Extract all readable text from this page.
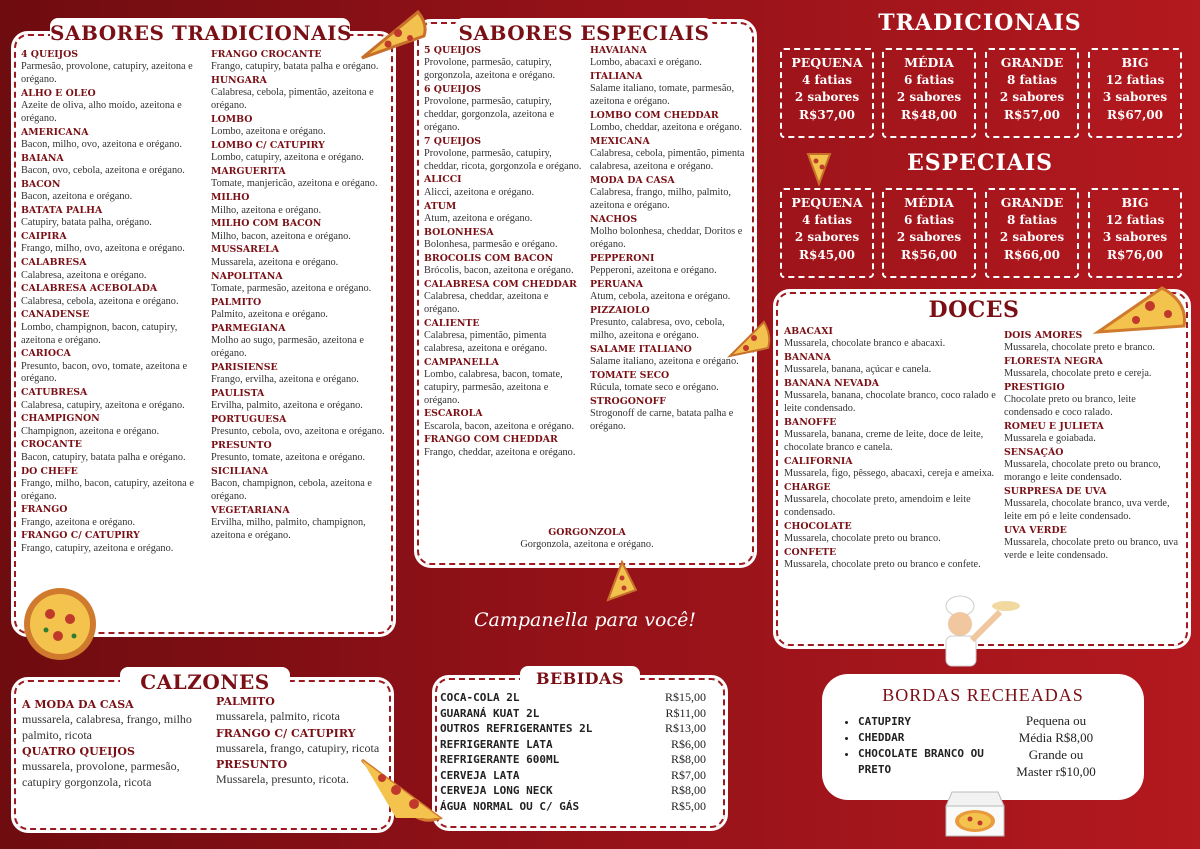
SABORES TRADICIONAIS
4 QUEIJOS
Parmesão, provolone, catupiry, azeitona e orégano.
ALHO E ÓLEO
Azeite de oliva, alho moído, azeitona e orégano.
AMERICANA
Bacon, milho, ovo, azeitona e orégano.
BAIANA
Bacon, ovo, cebola, azeitona e orégano.
BACON
Bacon, azeitona e orégano.
BATATA PALHA
Catupiry, batata palha, orégano.
CAIPIRA
Frango, milho, ovo, azeitona e orégano.
CALABRESA
Calabresa, azeitona e orégano.
CALABRESA ACEBOLADA
Calabresa, cebola, azeitona e orégano.
CANADENSE
Lombo, champignon, bacon, catupiry, azeitona e orégano.
CARIOCA
Presunto, bacon, ovo, tomate, azeitona e orégano.
CATUBRESA
Calabresa, catupiry, azeitona e orégano.
CHAMPIGNON
Champignon, azeitona e orégano.
CROCANTE
Bacon, catupiry, batata palha e orégano.
DO CHEFE
Frango, milho, bacon, catupiry, azeitona e orégano.
FRANGO
Frango, azeitona e orégano.
FRANGO C/ CATUPIRY
Frango, catupiry, azeitona e orégano.
FRANGO CROCANTE
Frango, catupiry, batata palha e orégano.
HÚNGARA
Calabresa, cebola, pimentão, azeitona e orégano.
LOMBO
Lombo, azeitona e orégano.
LOMBO C/ CATUPIRY
Lombo, catupiry, azeitona e orégano.
MARGUERITA
Tomate, manjericão, azeitona e orégano.
MILHO
Milho, azeitona e orégano.
MILHO COM BACON
Milho, bacon, azeitona e orégano.
MUSSARELA
Mussarela, azeitona e orégano.
NAPOLITANA
Tomate, parmesão, azeitona e orégano.
PALMITO
Palmito, azeitona e orégano.
PARMEGIANA
Molho ao sugo, parmesão, azeitona e orégano.
PARISIENSE
Frango, ervilha, azeitona e orégano.
PAULISTA
Ervilha, palmito, azeitona e orégano.
PORTUGUESA
Presunto, cebola, ovo, azeitona e orégano.
PRESUNTO
Presunto, tomate, azeitona e orégano.
SICILIANA
Bacon, champignon, cebola, azeitona e orégano.
VEGETARIANA
Ervilha, milho, palmito, champignon, azeitona e orégano.
SABORES ESPECIAIS
5 QUEIJOS
Provolone, parmesão, catupiry, gorgonzola, azeitona e orégano.
6 QUEIJOS
Provolone, parmesão, catupiry, cheddar, gorgonzola, azeitona e orégano.
7 QUEIJOS
Provolone, parmesão, catupiry, cheddar, ricota, gorgonzola e orégano.
ALICCI
Alicci, azeitona e orégano.
ATUM
Atum, azeitona e orégano.
BOLONHESA
Bolonhesa, parmesão e orégano.
BRÓCOLIS COM BACON
Brócolis, bacon, azeitona e orégano.
CALABRESA COM CHEDDAR
Calabresa, cheddar, azeitona e orégano.
CALIENTE
Calabresa, pimentão, pimenta calabresa, azeitona e orégano.
CAMPANELLA
Lombo, calabresa, bacon, tomate, catupiry, parmesão, azeitona e orégano.
ESCAROLA
Escarola, bacon, azeitona e orégano.
FRANGO COM CHEDDAR
Frango, cheddar, azeitona e orégano.
HAVAIANA
Lombo, abacaxi e orégano.
ITALIANA
Salame italiano, tomate, parmesão, azeitona e orégano.
LOMBO COM CHEDDAR
Lombo, cheddar, azeitona e orégano.
MEXICANA
Calabresa, cebola, pimentão, pimenta calabresa, azeitona e orégano.
MODA DA CASA
Calabresa, frango, milho, palmito, azeitona e orégano.
NACHOS
Molho bolonhesa, cheddar, Doritos e orégano.
PEPPERONI
Pepperoni, azeitona e orégano.
PERUANA
Atum, cebola, azeitona e orégano.
PIZZAIOLO
Presunto, calabresa, ovo, cebola, milho, azeitona e orégano.
SALAME ITALIANO
Salame italiano, azeitona e orégano.
TOMATE SECO
Rúcula, tomate seco e orégano.
STROGONOFF
Strogonoff de carne, batata palha e orégano.
GORGONZOLA
Gorgonzola, azeitona e orégano.
TRADICIONAIS
PEQUENA
4 fatias
2 sabores
R$37,00
MÉDIA
6 fatias
2 sabores
R$48,00
GRANDE
8 fatias
2 sabores
R$57,00
BIG
12 fatias
3 sabores
R$67,00
ESPECIAIS
PEQUENA
4 fatias
2 sabores
R$45,00
MÉDIA
6 fatias
2 sabores
R$56,00
GRANDE
8 fatias
2 sabores
R$66,00
BIG
12 fatias
3 sabores
R$76,00
DOCES
ABACAXI
Mussarela, chocolate branco e abacaxi.
BANANA
Mussarela, banana, açúcar e canela.
BANANA NEVADA
Mussarela, banana, chocolate branco, coco ralado e leite condensado.
BANOFFE
Mussarela, banana, creme de leite, doce de leite, chocolate branco e canela.
CALIFORNIA
Mussarela, figo, pêssego, abacaxi, cereja e ameixa.
CHARGE
Mussarela, chocolate preto, amendoim e leite condensado.
CHOCOLATE
Mussarela, chocolate preto ou branco.
CONFETE
Mussarela, chocolate preto ou branco e confete.
DOIS AMORES
Mussarela, chocolate preto e branco.
FLORESTA NEGRA
Mussarela, chocolate preto e cereja.
PRESTÍGIO
Chocolate preto ou branco, leite condensado e coco ralado.
ROMEU E JULIETA
Mussarela e goiabada.
SENSAÇÃO
Mussarela, chocolate preto ou branco, morango e leite condensado.
SURPRESA DE UVA
Mussarela, chocolate branco, uva verde, leite em pó e leite condensado.
UVA VERDE
Mussarela, chocolate preto ou branco, uva verde e leite condensado.
Campanella para você!
CALZONES
A MODA DA CASA
mussarela, calabresa, frango, milho palmito, ricota
QUATRO QUEIJOS
mussarela, provolone, parmesão, catupiry gorgonzola, ricota
PALMITO
mussarela, palmito, ricota
FRANGO C/ CATUPIRY
mussarela, frango, catupiry, ricota
PRESUNTO
Mussarela, presunto, ricota.
BEBIDAS
COCA-COLA 2L	R$15,00
GUARANÁ KUAT 2L	R$11,00
OUTROS REFRIGERANTES 2L	R$13,00
REFRIGERANTE LATA	R$6,00
REFRIGERANTE 600ML	R$8,00
CERVEJA LATA	R$7,00
CERVEJA LONG NECK	R$8,00
ÁGUA NORMAL OU C/ GÁS	R$5,00
BORDAS RECHEADAS
• CATUPIRY
• CHEDDAR
• CHOCOLATE BRANCO OU PRETO
Pequena ou
Média R$8,00
Grande ou
Master r$10,00
